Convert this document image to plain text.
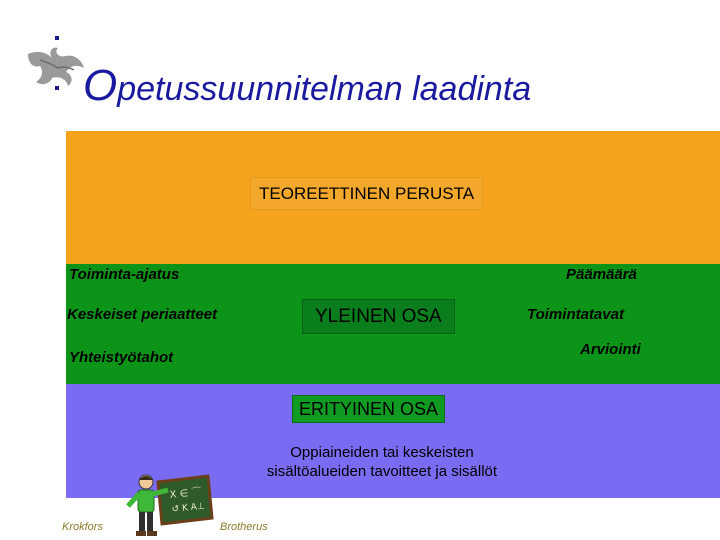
Opetussuunnitelman laadinta
TEOREETTINEN PERUSTA
YLEINEN OSA
ERITYINEN OSA
Toiminta-ajatus	Päämäärä
Keskeiset periaatteet	Toimintatavat
Arviointi
Yhteistyötahot
Oppiaineiden tai keskeisten
sisältöalueiden tavoitteet ja sisällöt
X ∈ ⌒
↺ K A⊥
Krokfors	Brotherus
